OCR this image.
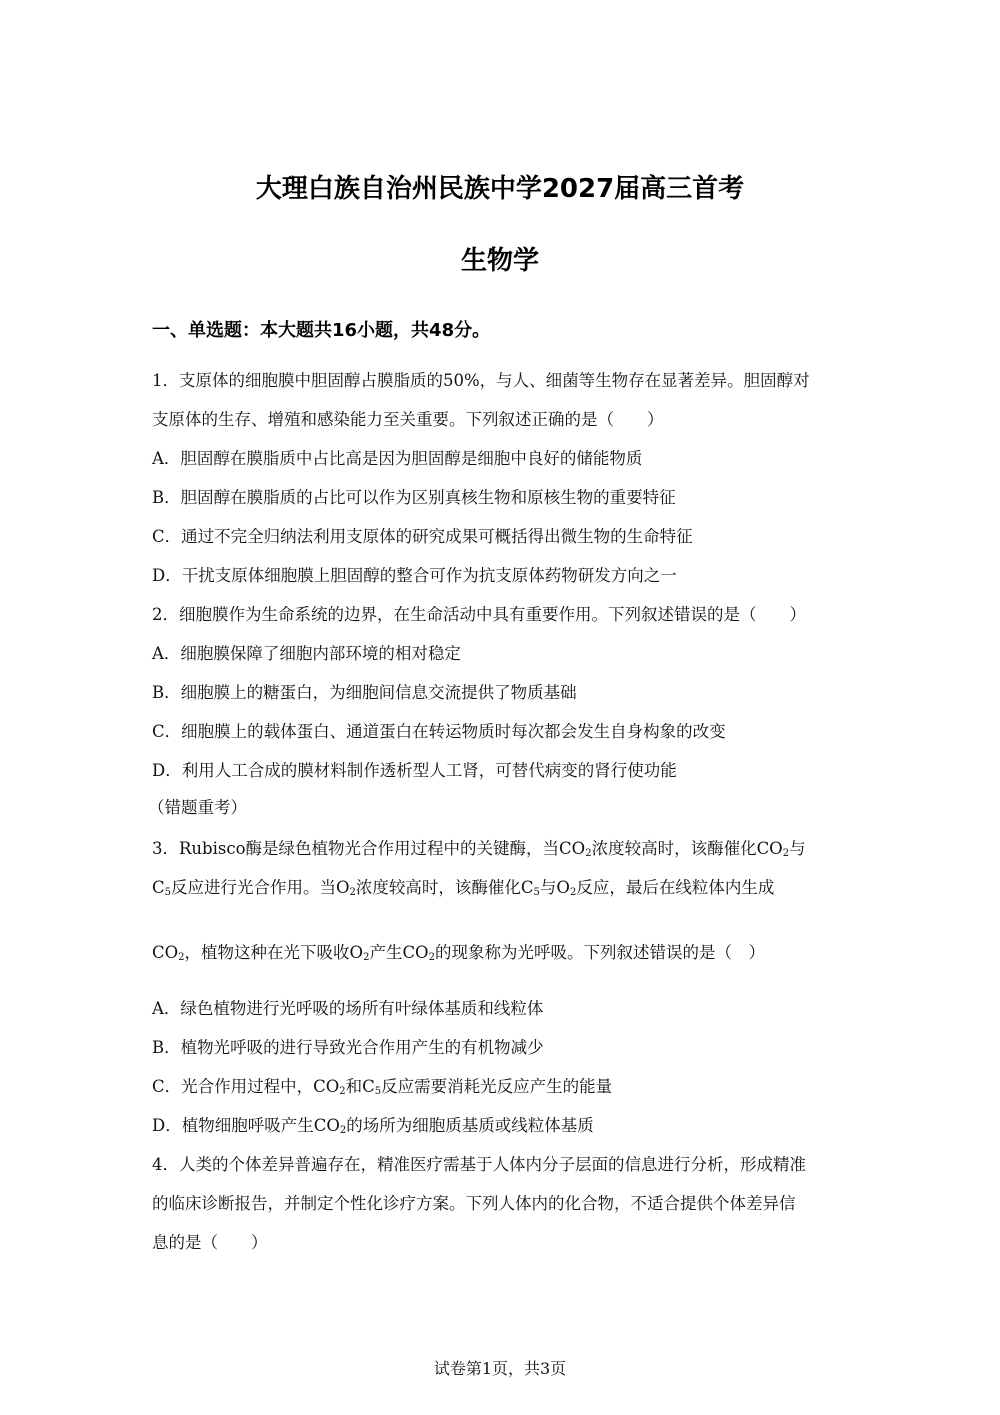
大理白族自治州民族中学2027届高三首考
生物学
一、单选题：本大题共16小题，共48分。
1．支原体的细胞膜中胆固醇占膜脂质的50%，与人、细菌等生物存在显著差异。胆固醇对
支原体的生存、增殖和感染能力至关重要。下列叙述正确的是（　　）
A．胆固醇在膜脂质中占比高是因为胆固醇是细胞中良好的储能物质
B．胆固醇在膜脂质的占比可以作为区别真核生物和原核生物的重要特征
C．通过不完全归纳法利用支原体的研究成果可概括得出微生物的生命特征
D．干扰支原体细胞膜上胆固醇的整合可作为抗支原体药物研发方向之一
2．细胞膜作为生命系统的边界，在生命活动中具有重要作用。下列叙述错误的是（　　）
A．细胞膜保障了细胞内部环境的相对稳定
B．细胞膜上的糖蛋白，为细胞间信息交流提供了物质基础
C．细胞膜上的载体蛋白、通道蛋白在转运物质时每次都会发生自身构象的改变
D．利用人工合成的膜材料制作透析型人工肾，可替代病变的肾行使功能
（错题重考）
3．Rubisco酶是绿色植物光合作用过程中的关键酶，当$CO_2$浓度较高时，该酶催化$CO_2$与
$C_5$反应进行光合作用。当$O_2$浓度较高时，该酶催化$C_5$与$O_2$反应，最后在线粒体内生成
$CO_2$，植物这种在光下吸收$O_2$产生$CO_2$的现象称为光呼吸。下列叙述错误的是（　）
A．绿色植物进行光呼吸的场所有叶绿体基质和线粒体
B．植物光呼吸的进行导致光合作用产生的有机物减少
C．光合作用过程中，$CO_2$和$C_5$反应需要消耗光反应产生的能量
D．植物细胞呼吸产生$CO_2$的场所为细胞质基质或线粒体基质
4．人类的个体差异普遍存在，精准医疗需基于人体内分子层面的信息进行分析，形成精准
的临床诊断报告，并制定个性化诊疗方案。下列人体内的化合物，不适合提供个体差异信
息的是（　　）
试卷第1页，共3页
